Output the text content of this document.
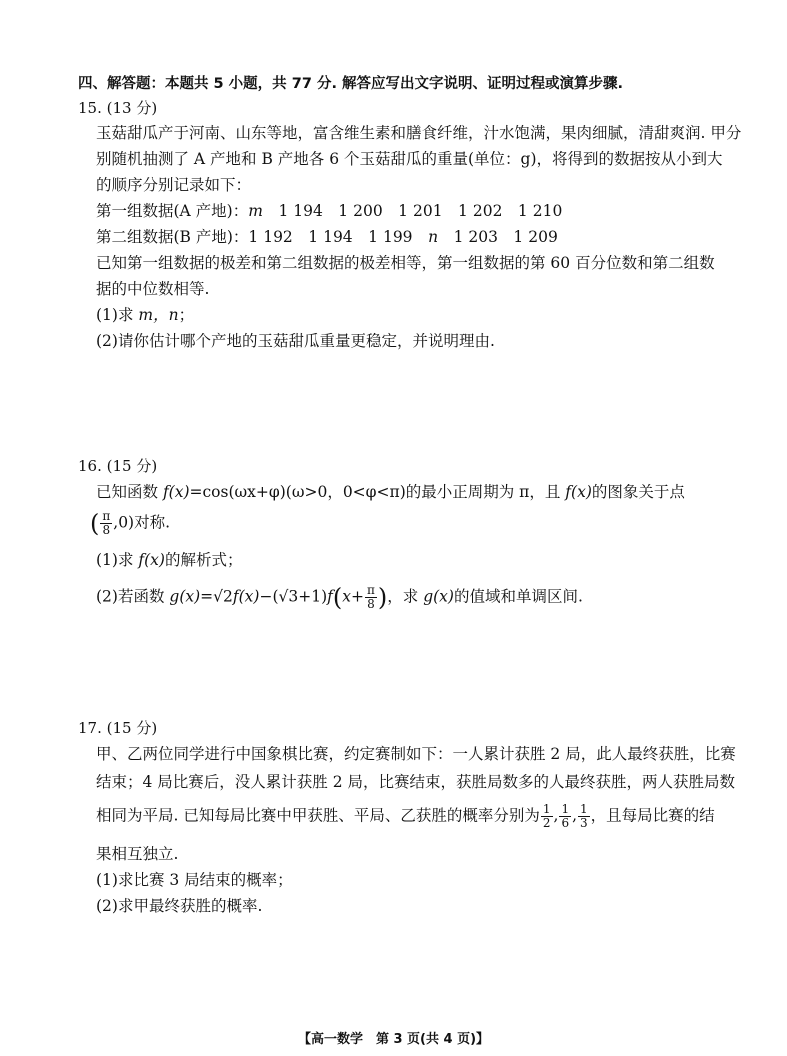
四、解答题：本题共 5 小题，共 77 分. 解答应写出文字说明、证明过程或演算步骤.
15. (13 分)
玉菇甜瓜产于河南、山东等地，富含维生素和膳食纤维，汁水饱满，果肉细腻，清甜爽润. 甲分
别随机抽测了 A 产地和 B 产地各 6 个玉菇甜瓜的重量(单位：g)，将得到的数据按从小到大
的顺序分别记录如下：
第一组数据(A 产地)：m　 1 194　1 200　1 201　1 202　1 210
第二组数据(B 产地)：1 192　1 194　1 199　 n　 1 203　1 209
已知第一组数据的极差和第二组数据的极差相等，第一组数据的第 60 百分位数和第二组数
据的中位数相等.
(1)求 m，n；
(2)请你估计哪个产地的玉菇甜瓜重量更稳定，并说明理由.
16. (15 分)
已知函数 f(x)=cos(ωx+φ)(ω>0，0<φ<π)的最小正周期为 π，且 f(x)的图象关于点
( $\frac{\pi}{8} ,0$)对称.
(1)求 f(x)的解析式；
(2)若函数 $g(x)=√2f(x)-(√3+1)f(x+ \frac{\pi}{8}$ )，求 g(x)的值域和单调区间.
17. (15 分)
甲、乙两位同学进行中国象棋比赛，约定赛制如下：一人累计获胜 2 局，此人最终获胜，比赛
结束；4 局比赛后，没人累计获胜 2 局，比赛结束，获胜局数多的人最终获胜，两人获胜局数
相同为平局. 已知每局比赛中甲获胜、平局、乙获胜的概率分别为 $\frac{1}{2}$ , $\frac{1}{6}$ , $\frac{1}{3}$ ，且每局比赛的结
果相互独立.
(1)求比赛 3 局结束的概率；
(2)求甲最终获胜的概率.
【高一数学　第 3 页(共 4 页)】
